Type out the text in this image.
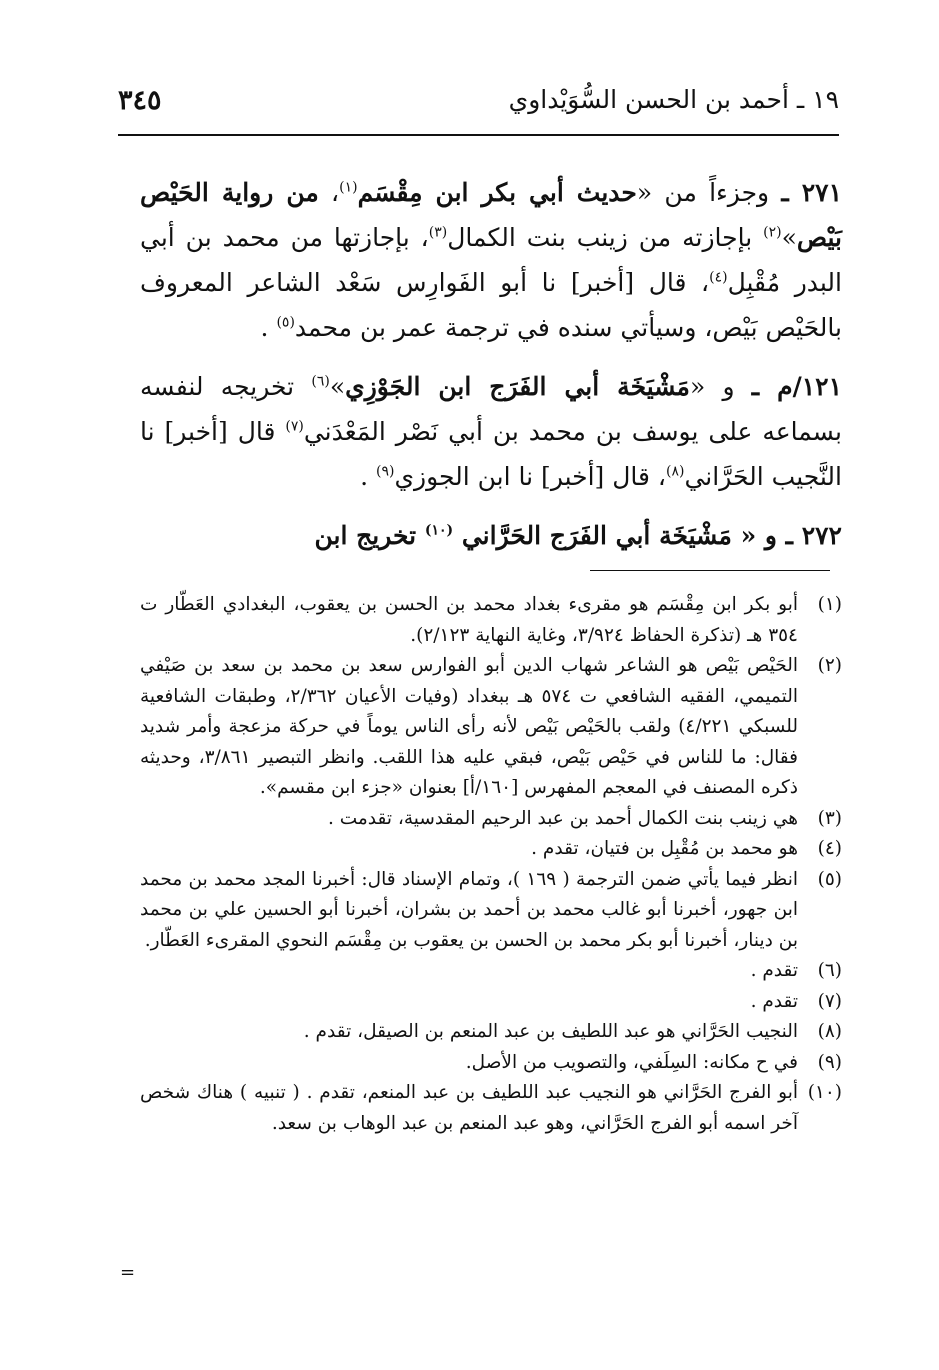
١٩ ـ أحمد بن الحسن السُّوَيْداوي
٣٤٥

٢٧١ ـ وجزءاً من «حديث أبي بكر ابن مِقْسَم$^{(١)}$، من رواية الحَيْص بَيْص»$^{(٢)}$ بإجازته من زينب بنت الكمال$^{(٣)}$، بإجازتها من محمد بن أبي البدر مُقْبِل$^{(٤)}$، قال [أخبر] نا أبو الفَوارِس سَعْد الشاعر المعروف بالحَيْص بَيْص، وسيأتي سنده في ترجمة عمر بن محمد$^{(٥)}$ .

١٢١/م ـ و «مَشْيَخَة أبي الفَرَج ابن الجَوْزِي»$^{(٦)}$ تخريجه لنفسه بسماعه على يوسف بن محمد بن أبي نَصْر المَعْدَني$^{(٧)}$ قال [أخبر] نا النَّجيب الحَرَّاني$^{(٨)}$، قال [أخبر] نا ابن الجوزي$^{(٩)}$ .

٢٧٢ ـ و « مَشْيَخَة أبي الفَرَج الحَرَّاني $^{(١٠)}$ تخريج ابن

(١)
أبو بكر ابن مِقْسَم هو مقرىء بغداد محمد بن الحسن بن يعقوب، البغدادي العَطّار ت ٣٥٤ هـ (تذكرة الحفاظ ٣/٩٢٤، وغاية النهاية ٢/١٢٣).
(٢)
الحَيْص بَيْص هو الشاعر شهاب الدين أبو الفوارس سعد بن محمد بن سعد بن صَيْفي التميمي، الفقيه الشافعي ت ٥٧٤ هـ ببغداد (وفيات الأعيان ٢/٣٦٢، وطبقات الشافعية للسبكي ٤/٢٢١) ولقب بالحَيْص بَيْص لأنه رأى الناس يوماً في حركة مزعجة وأمر شديد فقال: ما للناس في حَيْص بَيْص، فبقي عليه هذا اللقب. وانظر التبصير ٣/٨٦١، وحديثه ذكره المصنف في المعجم المفهرس [١٦٠/أ] بعنوان «جزء ابن مقسم».
(٣)
هي زينب بنت الكمال أحمد بن عبد الرحيم المقدسية، تقدمت .
(٤)
هو محمد بن مُقْبِل بن فتيان، تقدم .
(٥)
انظر فيما يأتي ضمن الترجمة ( ١٦٩ )، وتمام الإسناد قال: أخبرنا المجد محمد بن محمد ابن جهور، أخبرنا أبو غالب محمد بن أحمد بن بشران، أخبرنا أبو الحسين علي بن محمد بن دينار، أخبرنا أبو بكر محمد بن الحسن بن يعقوب بن مِقْسَم النحوي المقرىء العَطّار.
(٦)
تقدم .
(٧)
تقدم .
(٨)
النجيب الحَرَّاني هو عبد اللطيف بن عبد المنعم بن الصيقل، تقدم .
(٩)
في ح مكانه: السِلَفي، والتصويب من الأصل.
(١٠)
أبو الفرج الحَرَّاني هو النجيب عبد اللطيف بن عبد المنعم، تقدم . ( تنبيه ) هناك شخص آخر اسمه أبو الفرج الحَرَّاني، وهو عبد المنعم بن عبد الوهاب بن سعد.
=
